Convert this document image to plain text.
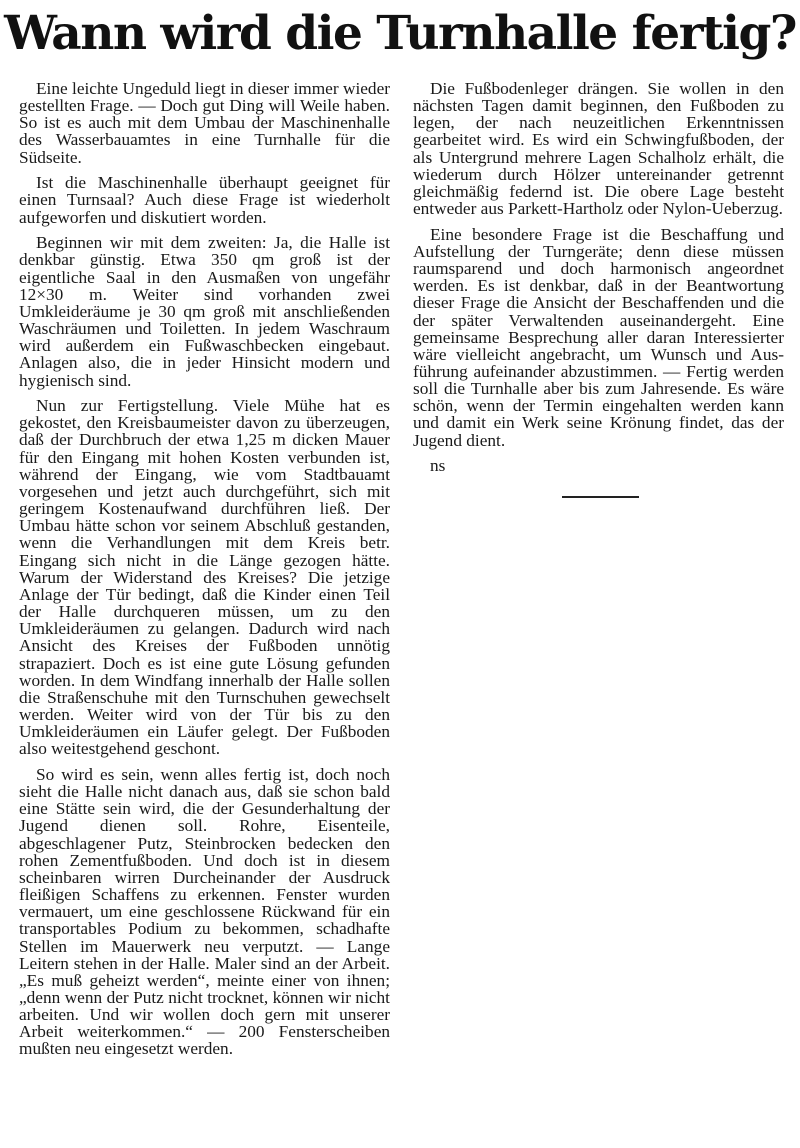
Wann wird die Turnhalle fertig?

Eine leichte Ungeduld liegt in dieser immer wieder gestellten Frage. — Doch gut Ding will Weile haben. So ist es auch mit dem Umbau der Maschinenhalle des Wasserbauamtes in eine Turnhalle für die Südseite.

Ist die Maschinenhalle überhaupt geeignet für einen Turnsaal? Auch diese Frage ist wiederholt aufgeworfen und diskutiert worden.

Beginnen wir mit dem zweiten: Ja, die Halle ist denkbar günstig. Etwa 350 qm groß ist der eigentliche Saal in den Ausmaßen von ungefähr 12×30 m. Weiter sind vorhanden zwei Umkleideräume je 30 qm groß mit anschließenden Waschräumen und Toiletten. In jedem Waschraum wird außerdem ein Fußwaschbecken eingebaut. Anlagen also, die in jeder Hinsicht modern und hygienisch sind.

Nun zur Fertigstellung. Viele Mühe hat es gekostet, den Kreisbaumeister davon zu überzeugen, daß der Durchbruch der etwa 1,25 m dicken Mauer für den Eingang mit hohen Kosten verbunden ist, während der Eingang, wie vom Stadtbauamt vorgesehen und jetzt auch durchgeführt, sich mit geringem Kostenaufwand durchführen ließ. Der Umbau hätte schon vor seinem Abschluß gestanden, wenn die Verhandlungen mit dem Kreis betr. Eingang sich nicht in die Länge gezogen hätte. Warum der Widerstand des Kreises? Die jetzige Anlage der Tür bedingt, daß die Kinder einen Teil der Halle durchqueren müssen, um zu den Umkleideräumen zu gelangen. Dadurch wird nach Ansicht des Kreises der Fußboden unnötig strapaziert. Doch es ist eine gute Lösung gefunden worden. In dem Windfang innerhalb der Halle sollen die Straßenschuhe mit den Turnschuhen gewechselt werden. Weiter wird von der Tür bis zu den Umkleideräumen ein Läufer gelegt. Der Fußboden also weitestgehend geschont.

So wird es sein, wenn alles fertig ist, doch noch sieht die Halle nicht danach aus, daß sie schon bald eine Stätte sein wird, die der Gesunderhaltung der Jugend dienen soll. Rohre, Eisenteile, abgeschlagener Putz, Steinbrocken bedecken den rohen Zementfußboden. Und doch ist in diesem scheinbaren wirren Durcheinander der Ausdruck fleißigen Schaffens zu erkennen. Fenster wurden vermauert, um eine geschlossene Rückwand für ein transportables Podium zu bekommen, schadhafte Stellen im Mauerwerk neu verputzt. — Lange Leitern stehen in der Halle. Maler sind an der Arbeit. „Es muß geheizt werden“, meinte einer von ihnen; „denn wenn der Putz nicht trocknet, können wir nicht arbeiten. Und wir wollen doch gern mit unserer Arbeit weiterkommen.“ — 200 Fensterscheiben mußten neu eingesetzt werden.

Die Fußbodenleger drängen. Sie wollen in den nächsten Tagen damit beginnen, den Fußboden zu legen, der nach neuzeitlichen Erkenntnissen gearbeitet wird. Es wird ein Schwingfußboden, der als Untergrund mehrere Lagen Schalholz erhält, die wiederum durch Hölzer untereinander getrennt gleichmäßig federnd ist. Die obere Lage besteht entweder aus Parkett-Hartholz oder Nylon-Ueberzug.

Eine besondere Frage ist die Beschaffung und Aufstellung der Turngeräte; denn diese müssen raumsparend und doch harmonisch angeordnet werden. Es ist denkbar, daß in der Beantwortung dieser Frage die Ansicht der Beschaffenden und die der später Verwaltenden auseinandergeht. Eine gemeinsame Besprechung aller daran Interessierter wäre vielleicht angebracht, um Wunsch und Ausführung aufeinander abzustimmen. — Fertig werden soll die Turnhalle aber bis zum Jahresende. Es wäre schön, wenn der Termin eingehalten werden kann und damit ein Werk seine Krönung findet, das der Jugend dient.

ns
